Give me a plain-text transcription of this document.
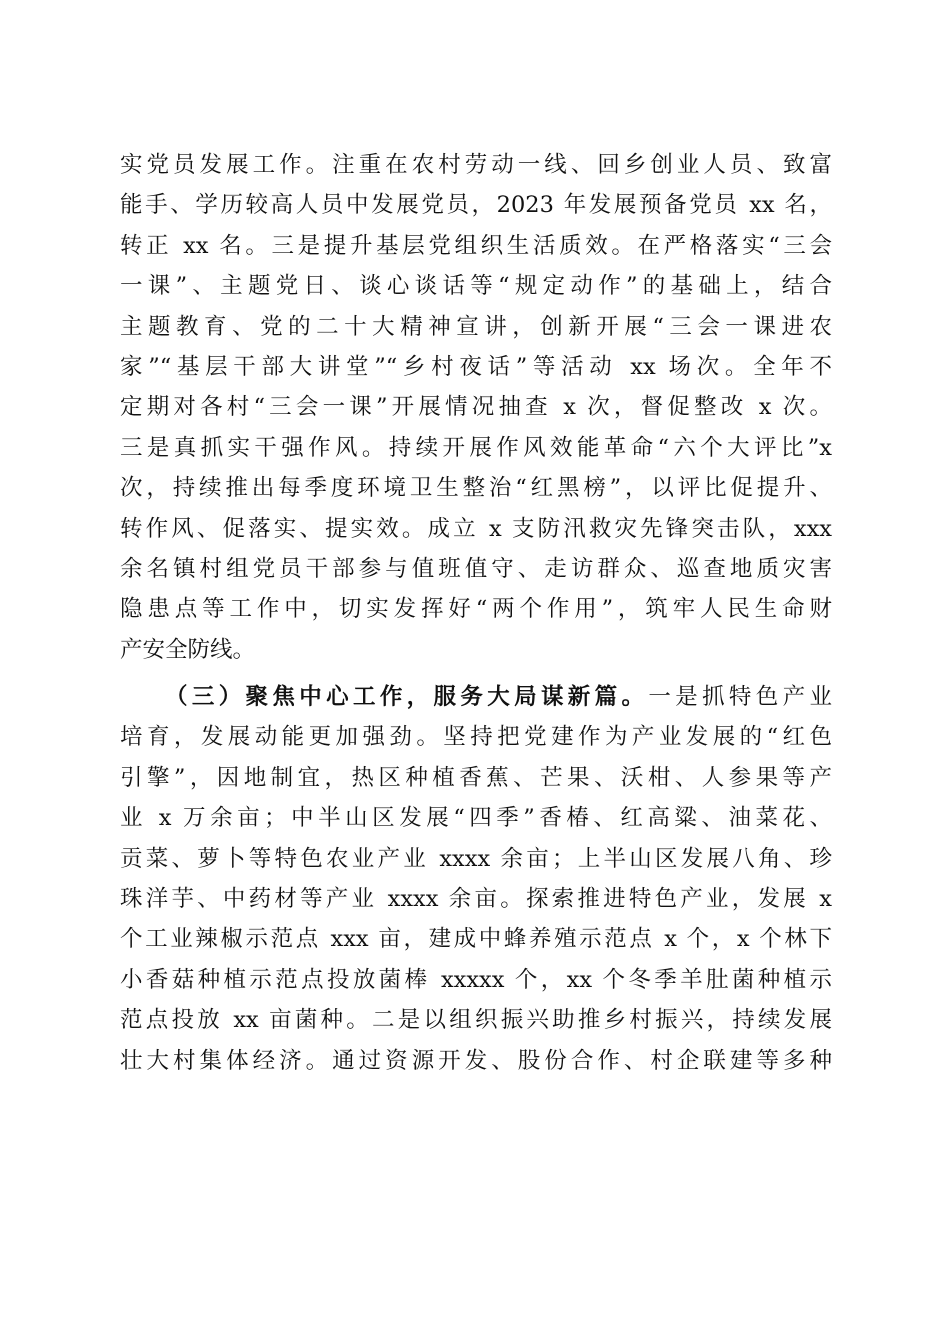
实党员发展工作。注重在农村劳动一线、回乡创业人员、致富
能手、学历较高人员中发展党员，2023 年发展预备党员 xx 名，
转正 xx 名。三是提升基层党组织生活质效。在严格落实“三会
一课”、主题党日、谈心谈话等“规定动作”的基础上，结合
主题教育、党的二十大精神宣讲，创新开展“三会一课进农
家”“基层干部大讲堂”“乡村夜话”等活动 xx 场次。全年不
定期对各村“三会一课”开展情况抽查 x 次，督促整改 x 次。
三是真抓实干强作风。持续开展作风效能革命“六个大评比”x
次，持续推出每季度环境卫生整治“红黑榜”，以评比促提升、
转作风、促落实、提实效。成立 x 支防汛救灾先锋突击队，xxx
余名镇村组党员干部参与值班值守、走访群众、巡查地质灾害
隐患点等工作中，切实发挥好“两个作用”，筑牢人民生命财
产安全防线。
（三）聚焦中心工作，服务大局谋新篇。一是抓特色产业
培育，发展动能更加强劲。坚持把党建作为产业发展的“红色
引擎”，因地制宜，热区种植香蕉、芒果、沃柑、人参果等产
业 x 万余亩；中半山区发展“四季”香椿、红高粱、油菜花、
贡菜、萝卜等特色农业产业 xxxx 余亩；上半山区发展八角、珍
珠洋芋、中药材等产业 xxxx 余亩。探索推进特色产业，发展 x
个工业辣椒示范点 xxx 亩，建成中蜂养殖示范点 x 个，x 个林下
小香菇种植示范点投放菌棒 xxxxx 个，xx 个冬季羊肚菌种植示
范点投放 xx 亩菌种。二是以组织振兴助推乡村振兴，持续发展
壮大村集体经济。通过资源开发、股份合作、村企联建等多种
